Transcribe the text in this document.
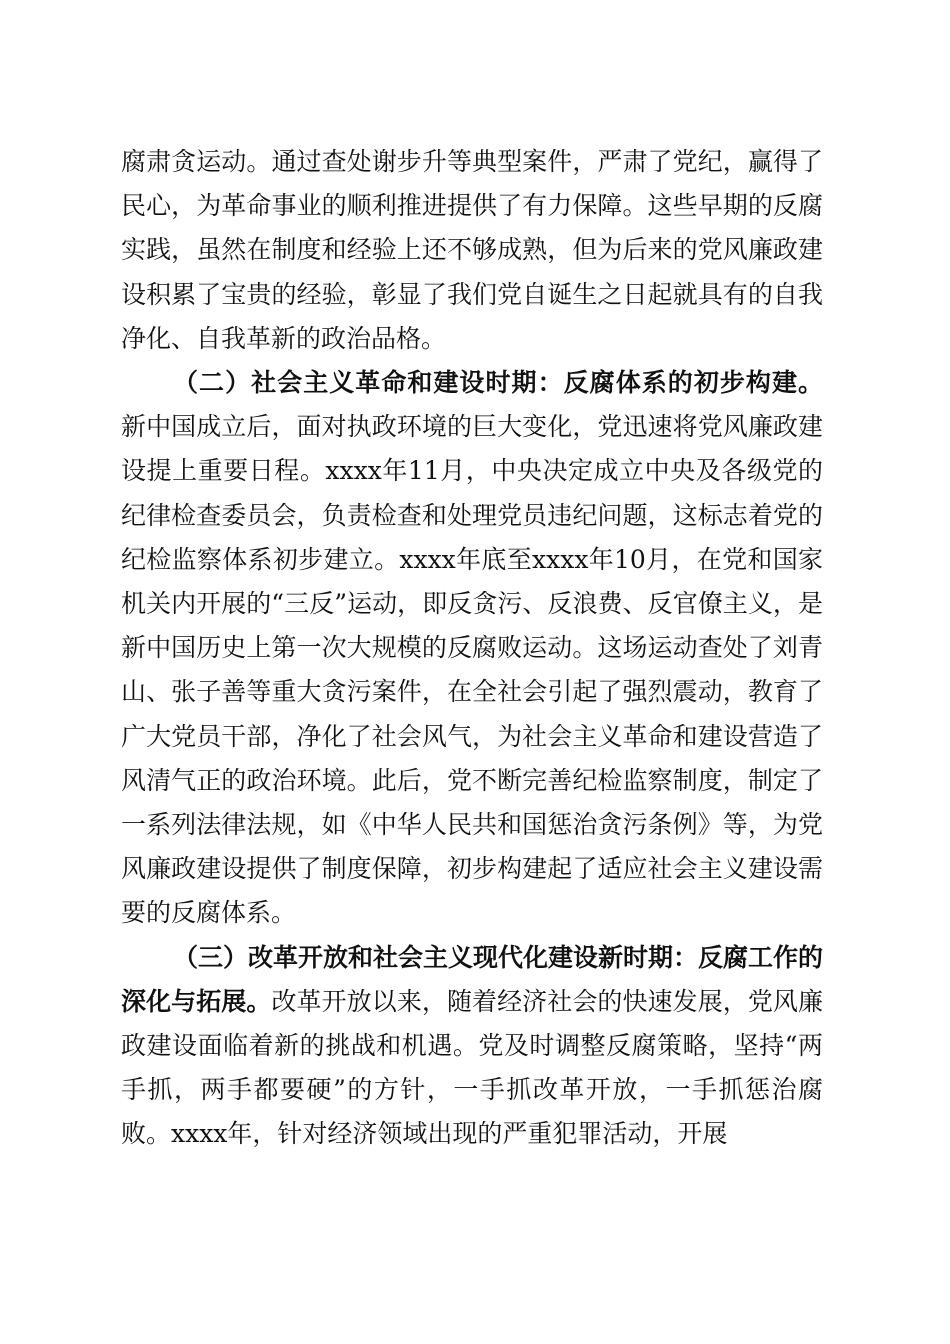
腐肃贪运动。通过查处谢步升等典型案件，严肃了党纪，赢得了民心，为革命事业的顺利推进提供了有力保障。这些早期的反腐实践，虽然在制度和经验上还不够成熟，但为后来的党风廉政建设积累了宝贵的经验，彰显了我们党自诞生之日起就具有的自我净化、自我革新的政治品格。

（二）社会主义革命和建设时期：反腐体系的初步构建。新中国成立后，面对执政环境的巨大变化，党迅速将党风廉政建设提上重要日程。xxxx年11月，中央决定成立中央及各级党的纪律检查委员会，负责检查和处理党员违纪问题，这标志着党的纪检监察体系初步建立。xxxx年底至xxxx年10月，在党和国家机关内开展的“三反”运动，即反贪污、反浪费、反官僚主义，是新中国历史上第一次大规模的反腐败运动。这场运动查处了刘青山、张子善等重大贪污案件，在全社会引起了强烈震动，教育了广大党员干部，净化了社会风气，为社会主义革命和建设营造了风清气正的政治环境。此后，党不断完善纪检监察制度，制定了一系列法律法规，如《中华人民共和国惩治贪污条例》等，为党风廉政建设提供了制度保障，初步构建起了适应社会主义建设需要的反腐体系。

（三）改革开放和社会主义现代化建设新时期：反腐工作的深化与拓展。改革开放以来，随着经济社会的快速发展，党风廉政建设面临着新的挑战和机遇。党及时调整反腐策略，坚持“两手抓，两手都要硬”的方针，一手抓改革开放，一手抓惩治腐败。xxxx年，针对经济领域出现的严重犯罪活动，开展
